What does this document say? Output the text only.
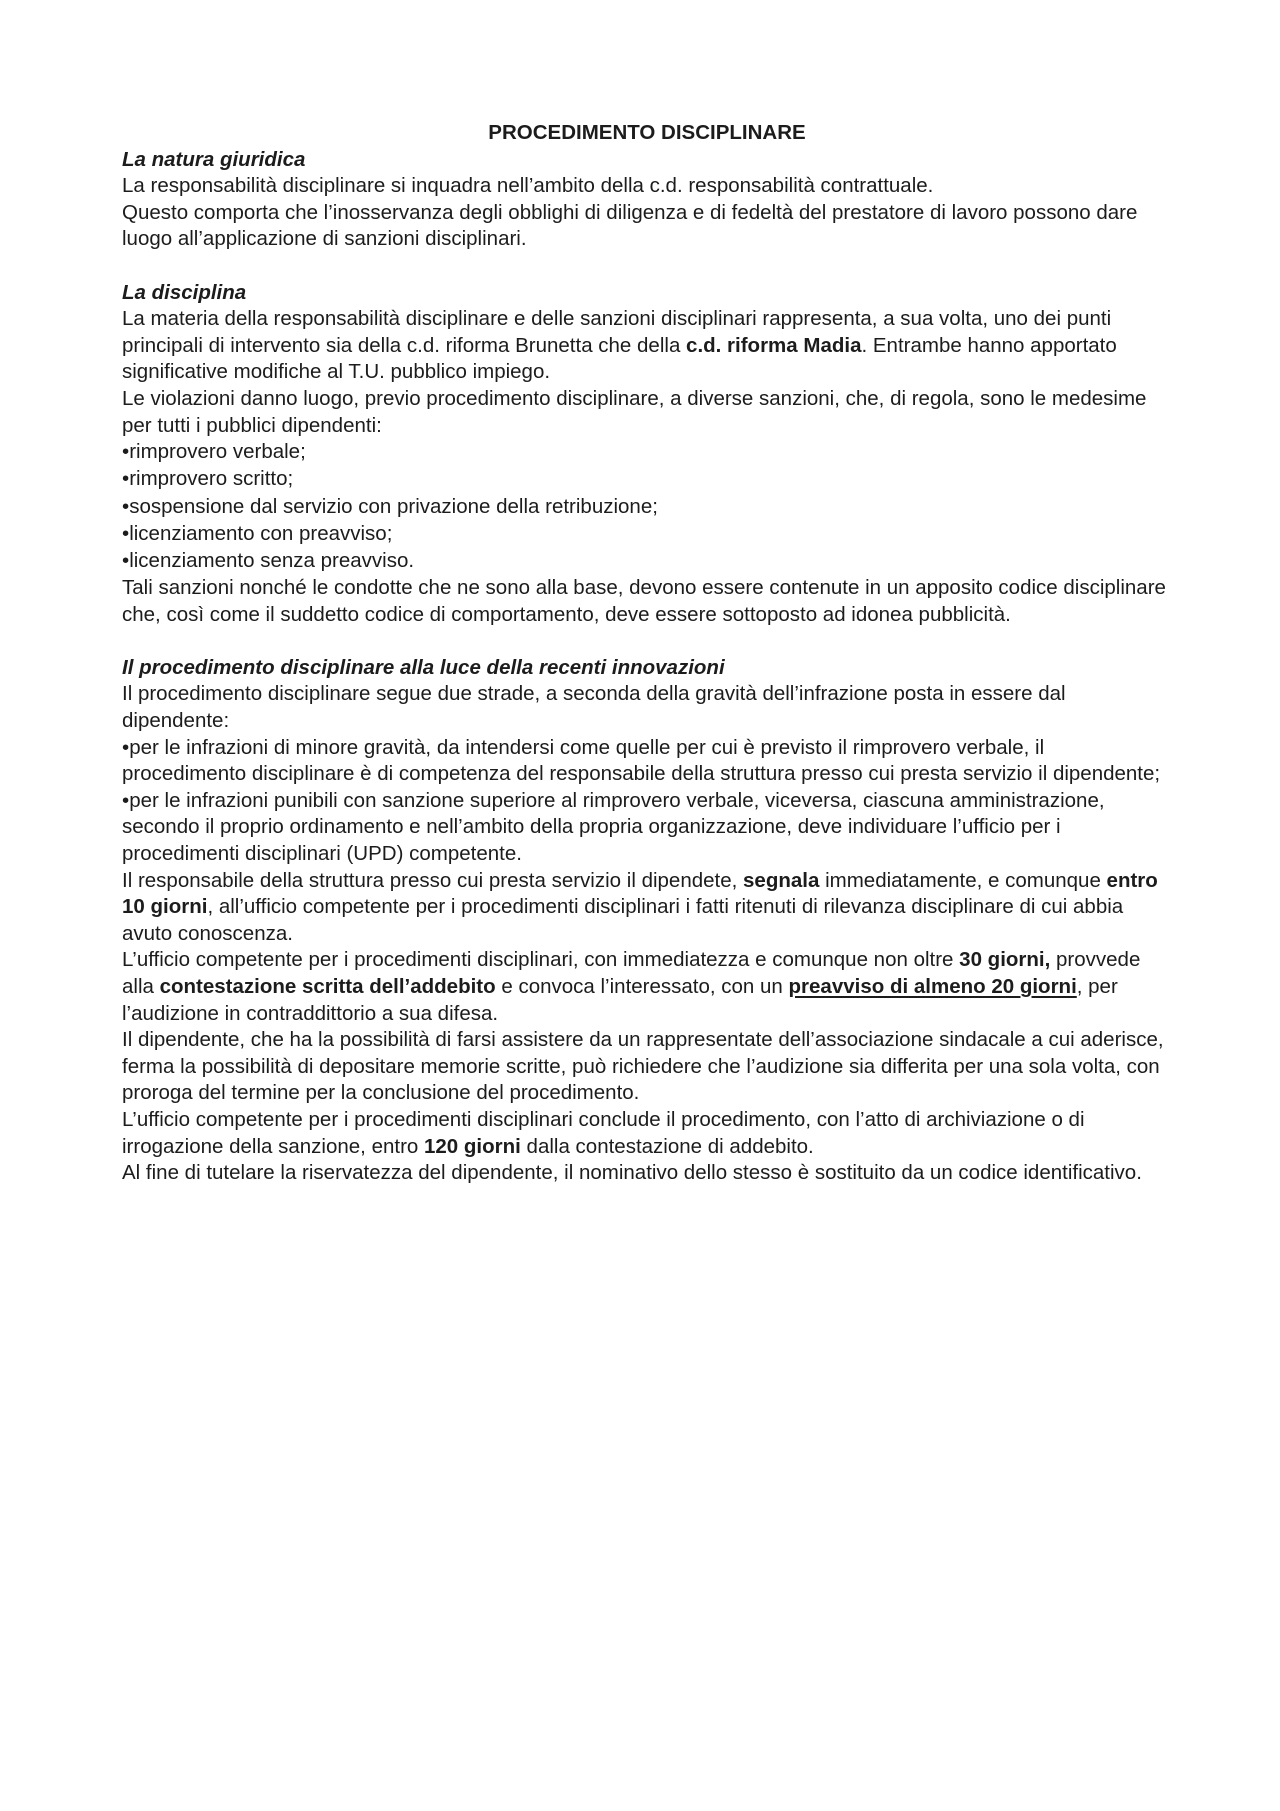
PROCEDIMENTO DISCIPLINARE

La natura giuridica

La responsabilità disciplinare si inquadra nell’ambito della c.d. responsabilità contrattuale.

Questo comporta che l’inosservanza degli obblighi di diligenza e di fedeltà del prestatore di lavoro possono dare luogo all’applicazione di sanzioni disciplinari.

La disciplina

La materia della responsabilità disciplinare e delle sanzioni disciplinari rappresenta, a sua volta, uno dei punti principali di intervento sia della c.d. riforma Brunetta che della c.d. riforma Madia. Entrambe hanno apportato significative modifiche al T.U. pubblico impiego.

Le violazioni danno luogo, previo procedimento disciplinare, a diverse sanzioni, che, di regola, sono le medesime per tutti i pubblici dipendenti:

•rimprovero verbale;
•rimprovero scritto;
•sospensione dal servizio con privazione della retribuzione;
•licenziamento con preavviso;
•licenziamento senza preavviso.

Tali sanzioni nonché le condotte che ne sono alla base, devono essere contenute in un apposito codice disciplinare che, così come il suddetto codice di comportamento, deve essere sottoposto ad idonea pubblicità.

Il procedimento disciplinare alla luce della recenti innovazioni

Il procedimento disciplinare segue due strade, a seconda della gravità dell’infrazione posta in essere dal dipendente:

•per le infrazioni di minore gravità, da intendersi come quelle per cui è previsto il rimprovero verbale, il procedimento disciplinare è di competenza del responsabile della struttura presso cui presta servizio il dipendente;
•per le infrazioni punibili con sanzione superiore al rimprovero verbale, viceversa, ciascuna amministrazione, secondo il proprio ordinamento e nell’ambito della propria organizzazione, deve individuare l’ufficio per i procedimenti disciplinari (UPD) competente.

Il responsabile della struttura presso cui presta servizio il dipendete, segnala immediatamente, e comunque entro 10 giorni, all’ufficio competente per i procedimenti disciplinari i fatti ritenuti di rilevanza disciplinare di cui abbia avuto conoscenza.

L’ufficio competente per i procedimenti disciplinari, con immediatezza e comunque non oltre 30 giorni, provvede alla contestazione scritta dell’addebito e convoca l’interessato, con un preavviso di almeno 20 giorni, per l’audizione in contraddittorio a sua difesa.

Il dipendente, che ha la possibilità di farsi assistere da un rappresentate dell’associazione sindacale a cui aderisce, ferma la possibilità di depositare memorie scritte, può richiedere che l’audizione sia differita per una sola volta, con proroga del termine per la conclusione del procedimento.

L’ufficio competente per i procedimenti disciplinari conclude il procedimento, con l’atto di archiviazione o di irrogazione della sanzione, entro 120 giorni dalla contestazione di addebito.

Al fine di tutelare la riservatezza del dipendente, il nominativo dello stesso è sostituito da un codice identificativo.
